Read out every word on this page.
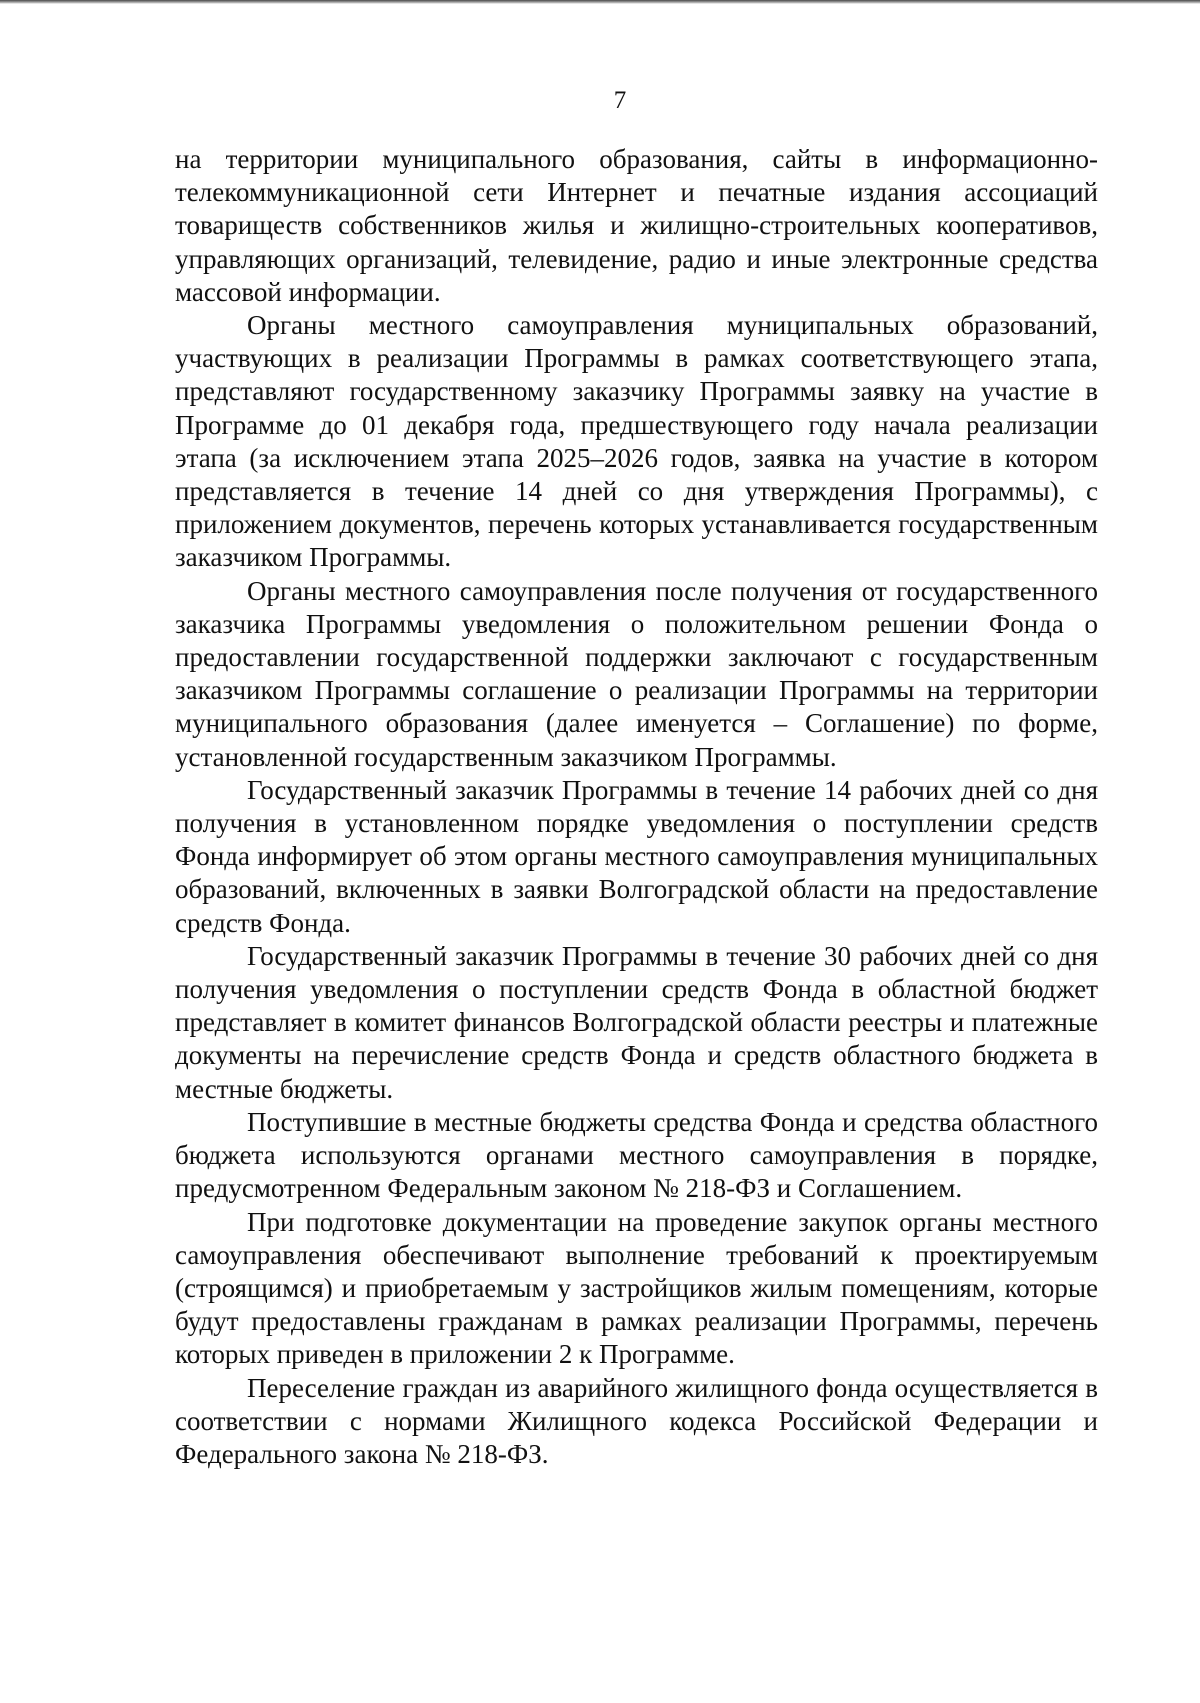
7

на территории муниципального образования, сайты в информационно-телекоммуникационной сети Интернет и печатные издания ассоциаций товариществ собственников жилья и жилищно-строительных кооперативов, управляющих организаций, телевидение, радио и иные электронные средства массовой информации.

Органы местного самоуправления муниципальных образований, участвующих в реализации Программы в рамках соответствующего этапа, представляют государственному заказчику Программы заявку на участие в Программе до 01 декабря года, предшествующего году начала реализации этапа (за исключением этапа 2025–2026 годов, заявка на участие в котором представляется в течение 14 дней со дня утверждения Программы), с приложением документов, перечень которых устанавливается государственным заказчиком Программы.

Органы местного самоуправления после получения от государственного заказчика Программы уведомления о положительном решении Фонда о предоставлении государственной поддержки заключают с государственным заказчиком Программы соглашение о реализации Программы на территории муниципального образования (далее именуется – Соглашение) по форме, установленной государственным заказчиком Программы.

Государственный заказчик Программы в течение 14 рабочих дней со дня получения в установленном порядке уведомления о поступлении средств Фонда информирует об этом органы местного самоуправления муниципальных образований, включенных в заявки Волгоградской области на предоставление средств Фонда.

Государственный заказчик Программы в течение 30 рабочих дней со дня получения уведомления о поступлении средств Фонда в областной бюджет представляет в комитет финансов Волгоградской области реестры и платежные документы на перечисление средств Фонда и средств областного бюджета в местные бюджеты.

Поступившие в местные бюджеты средства Фонда и средства областного бюджета используются органами местного самоуправления в порядке, предусмотренном Федеральным законом № 218-ФЗ и Соглашением.

При подготовке документации на проведение закупок органы местного самоуправления обеспечивают выполнение требований к проектируемым (строящимся) и приобретаемым у застройщиков жилым помещениям, которые будут предоставлены гражданам в рамках реализации Программы, перечень которых приведен в приложении 2 к Программе.

Переселение граждан из аварийного жилищного фонда осуществляется в соответствии с нормами Жилищного кодекса Российской Федерации и Федерального закона № 218-ФЗ.
